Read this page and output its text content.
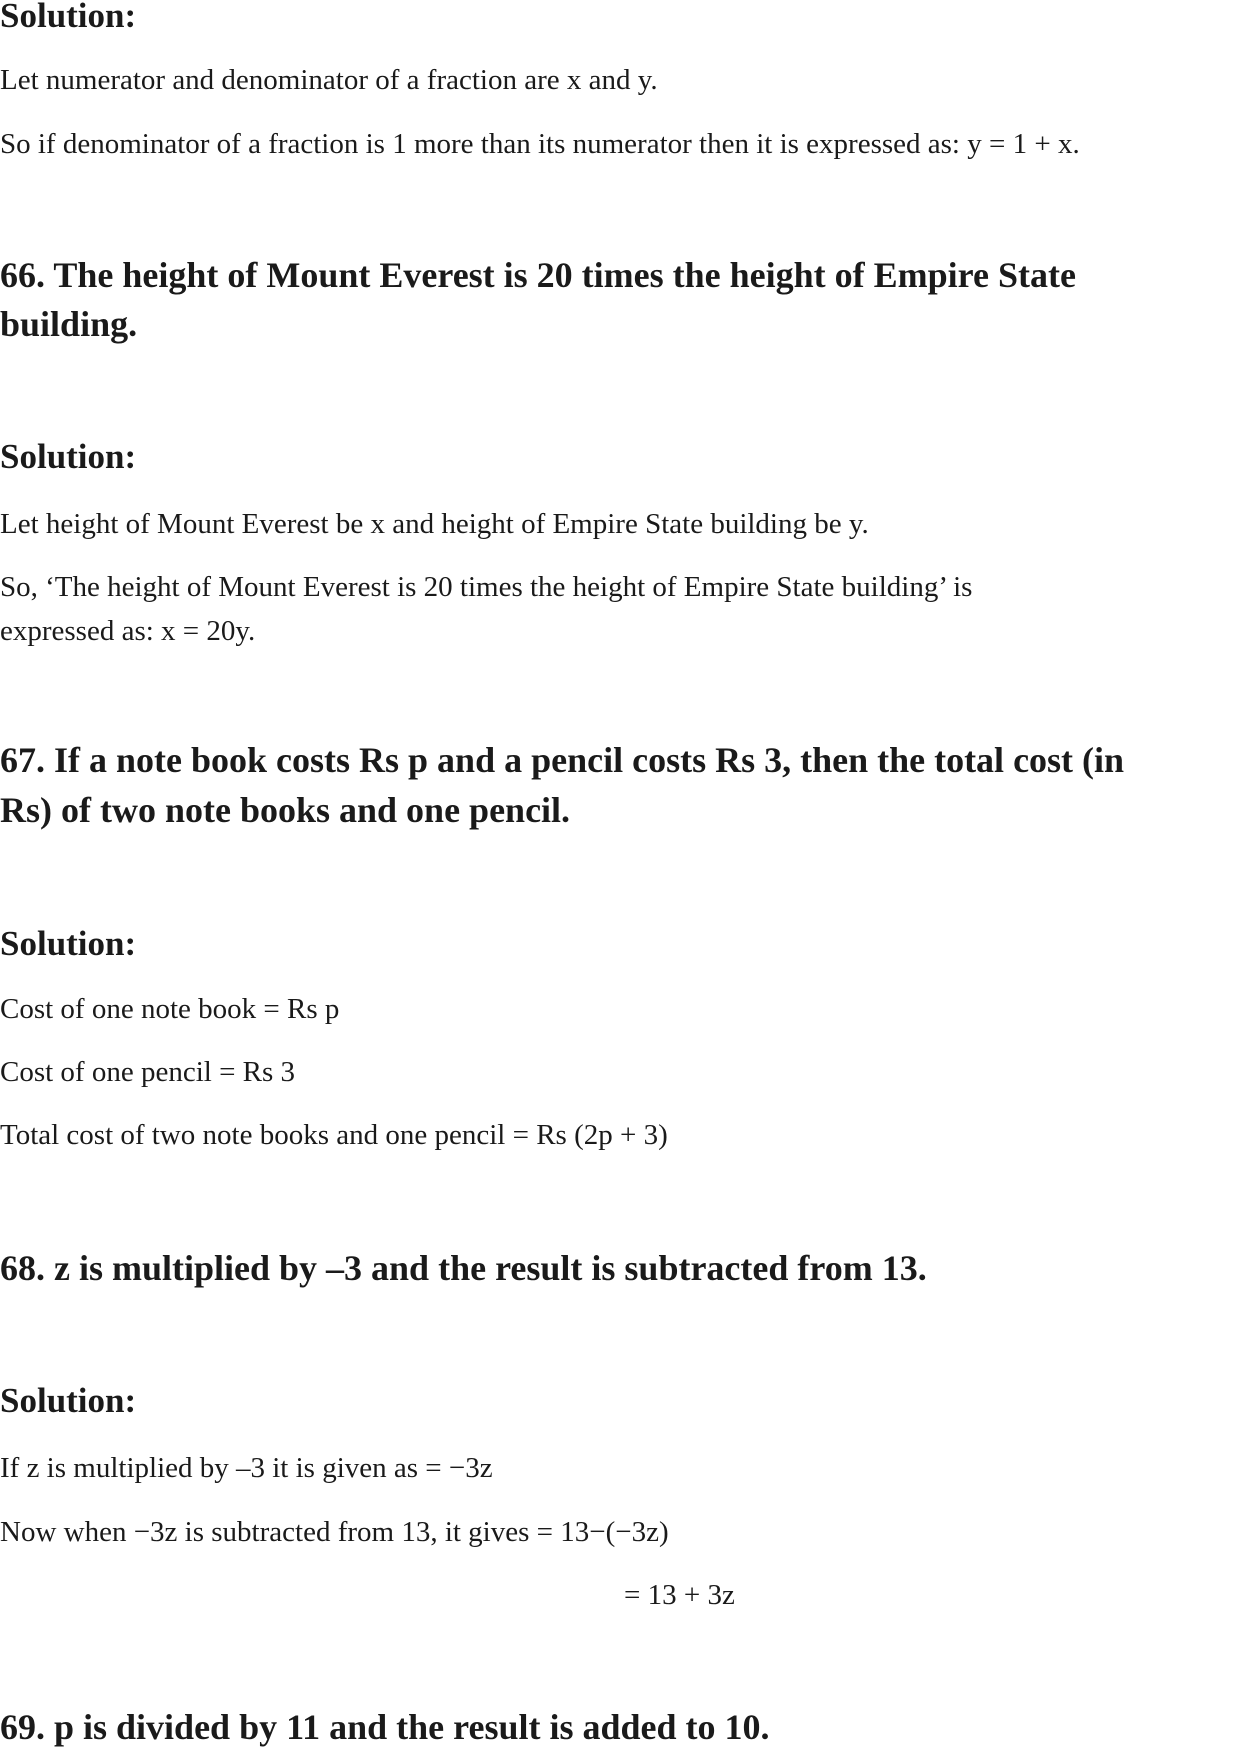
Solution:
Let numerator and denominator of a fraction are x and y.
So if denominator of a fraction is 1 more than its numerator then it is expressed as: y = 1 + x.
66. The height of Mount Everest is 20 times the height of Empire State
building.
Solution:
Let height of Mount Everest be x and height of Empire State building be y.
So, ‘The height of Mount Everest is 20 times the height of Empire State building’ is
expressed as: x = 20y.
67. If a note book costs Rs p and a pencil costs Rs 3, then the total cost (in
Rs) of two note books and one pencil.
Solution:
Cost of one note book = Rs p
Cost of one pencil = Rs 3
Total cost of two note books and one pencil = Rs (2p + 3)
68. z is multiplied by –3 and the result is subtracted from 13.
Solution:
If z is multiplied by –3 it is given as = −3z
Now when −3z is subtracted from 13, it gives = 13−(−3z)
= 13 + 3z
69. p is divided by 11 and the result is added to 10.
